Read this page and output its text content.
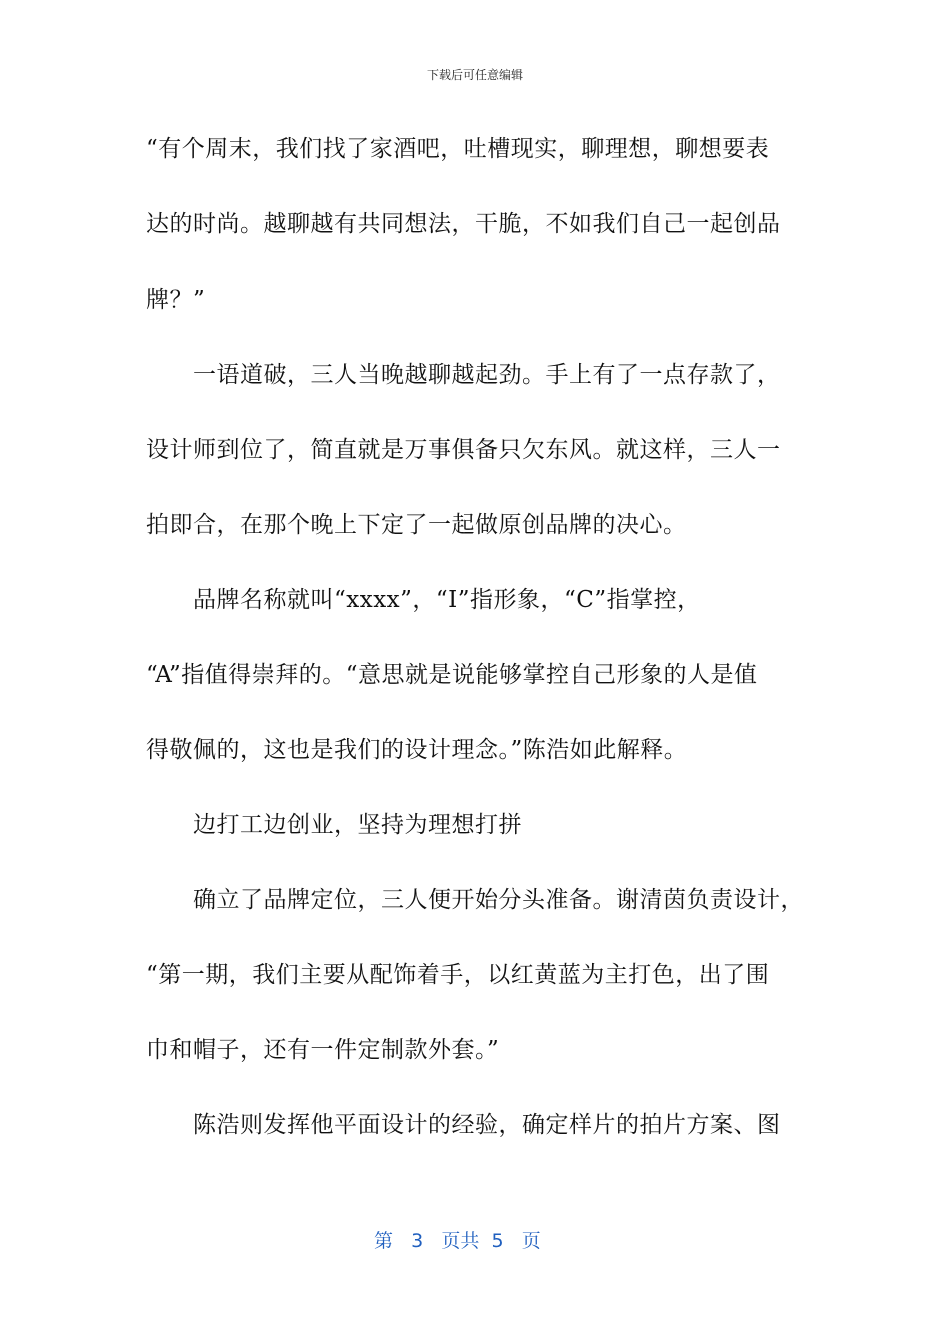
下载后可任意编辑
“有个周末，我们找了家酒吧，吐槽现实，聊理想，聊想要表
达的时尚。越聊越有共同想法，干脆，不如我们自己一起创品
牌？”
一语道破，三人当晚越聊越起劲。手上有了一点存款了，
设计师到位了，简直就是万事俱备只欠东风。就这样，三人一
拍即合，在那个晚上下定了一起做原创品牌的决心。
品牌名称就叫“xxxx”，“I”指形象，“C”指掌控，
“A”指值得崇拜的。“意思就是说能够掌控自己形象的人是值
得敬佩的，这也是我们的设计理念。”陈浩如此解释。
边打工边创业，坚持为理想打拼
确立了品牌定位，三人便开始分头准备。谢清茵负责设计，
“第一期，我们主要从配饰着手，以红黄蓝为主打色，出了围
巾和帽子，还有一件定制款外套。”
陈浩则发挥他平面设计的经验，确定样片的拍片方案、图
第 3 页共 5 页
